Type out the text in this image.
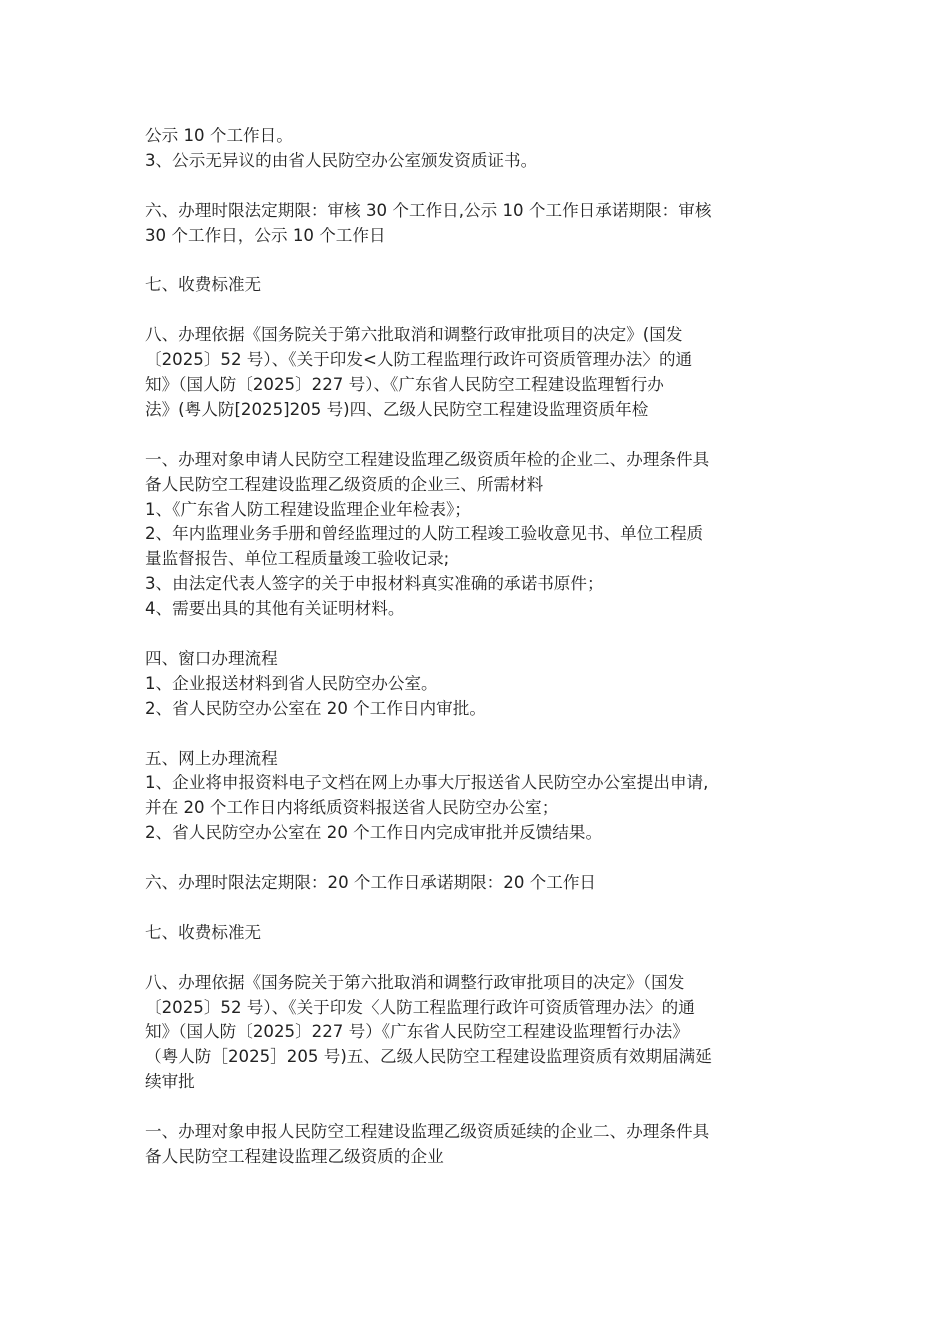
公示 10 个工作日。
3、公示无异议的由省人民防空办公室颁发资质证书。
六、办理时限法定期限：审核 30 个工作日,公示 10 个工作日承诺期限：审核
30 个工作日，公示 10 个工作日
七、收费标准无
八、办理依据《国务院关于第六批取消和调整行政审批项目的决定》(国发
〔2025〕52 号）、《关于印发<人防工程监理行政许可资质管理办法〉的通
知》（国人防〔2025〕227 号）、《广东省人民防空工程建设监理暂行办
法》(粤人防[2025]205 号)四、乙级人民防空工程建设监理资质年检
一、办理对象申请人民防空工程建设监理乙级资质年检的企业二、办理条件具
备人民防空工程建设监理乙级资质的企业三、所需材料
1、《广东省人防工程建设监理企业年检表》；
2、年内监理业务手册和曾经监理过的人防工程竣工验收意见书、单位工程质
量监督报告、单位工程质量竣工验收记录;
3、由法定代表人签字的关于申报材料真实准确的承诺书原件；
4、需要出具的其他有关证明材料。
四、窗口办理流程
1、企业报送材料到省人民防空办公室。
2、省人民防空办公室在 20 个工作日内审批。
五、网上办理流程
1、企业将申报资料电子文档在网上办事大厅报送省人民防空办公室提出申请,
并在 20 个工作日内将纸质资料报送省人民防空办公室；
2、省人民防空办公室在 20 个工作日内完成审批并反馈结果。
六、办理时限法定期限：20 个工作日承诺期限：20 个工作日
七、收费标准无
八、办理依据《国务院关于第六批取消和调整行政审批项目的决定》（国发
〔2025〕52 号）、《关于印发〈人防工程监理行政许可资质管理办法〉的通
知》（国人防〔2025〕227 号）《广东省人民防空工程建设监理暂行办法》
（粤人防［2025］205 号)五、乙级人民防空工程建设监理资质有效期届满延
续审批
一、办理对象申报人民防空工程建设监理乙级资质延续的企业二、办理条件具
备人民防空工程建设监理乙级资质的企业
